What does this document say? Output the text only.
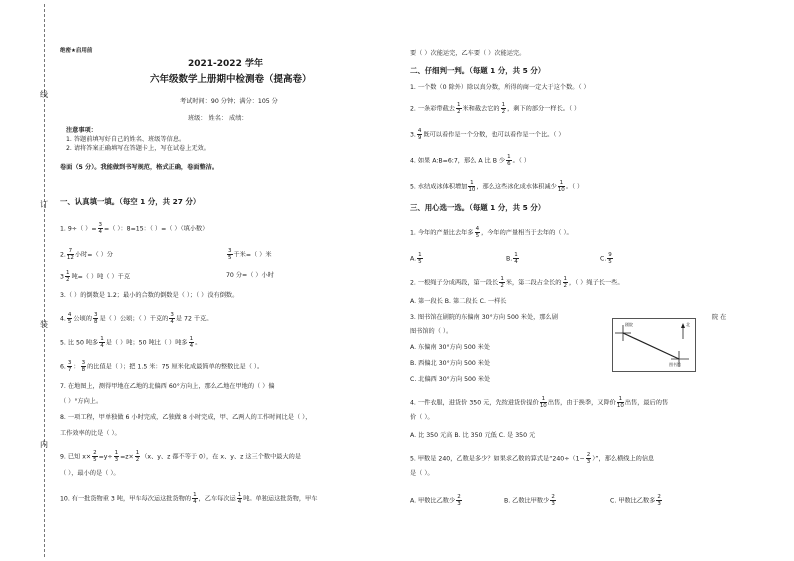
线
订
装
内
绝密★启用前
2021-2022 学年
六年级数学上册期中检测卷（提高卷）
考试时间：90 分钟；满分：105 分
班级： 姓名： 成绩：
注意事项：
1. 答题前填写好自己的姓名、班级等信息。
2. 请将答案正确填写在答题卡上，写在试卷上无效。
卷面（5 分）。我能做到书写规范，格式正确，卷面整洁。
一、认真填一填。（每空 1 分，共 27 分）
1. 9÷（ ）= $\frac{3}{4}$ =（ ）：8=15：（ ）=（ ）（填小数）
2. $\frac{7}{12}$ 小时=（ ）分	$\frac{3}{5}$ 千米=（ ）米
$3 \frac{1}{2}$ 吨=（ ）吨（ ）千克	70 分=（ ）小时
3.（ ）的倒数是 1.2；最小的合数的倒数是（ ）；（ ）没有倒数。
4. $\frac{4}{5}$ 公顷的 $\frac{3}{8}$ 是（ ）公顷；（ ）千克的 $\frac{3}{4}$ 是 72 千克。
5. 比 50 吨多 $\frac{1}{4}$ 是（ ）吨；50 吨比（ ）吨多 $\frac{1}{4}$ 。
6. $\frac{3}{7}$ ： $\frac{3}{8}$ 的比值是（ ）；把 1.5 米：75 厘米化成最简单的整数比是（ ）。
7. 在地图上，测得甲地在乙地的北偏西 60°方向上，那么乙地在甲地的（ ）偏
（ ）°方向上。
8. 一项工程，甲单独做 6 小时完成，乙独做 8 小时完成，甲、乙两人的工作时间比是（ ），
工作效率的比是（ ）。
9. 已知 $x\times \frac{2}{5} =y\div \frac{1}{3} =z\times \frac{1}{2} (x$、y、z 都不等于 0），在 x、y、z 这三个数中最大的是
（ ），最小的是（ ）。
10. 有一批货物重 3 吨，甲车每次运这批货物的 $\frac{1}{4}$ ，乙车每次运 $\frac{1}{4}$ 吨。单独运这批货物，甲车
要（ ）次能运完，乙车要（ ）次能运完。
二、仔细判一判。（每题 1 分，共 5 分）
1. 一个数（0 除外）除以真分数，所得的商一定大于这个数。（ ）
2. 一条彩带截去 $\frac{1}{2}$ 米和截去它的 $\frac{1}{2}$ ，剩下的部分一样长。（ ）
3. $\frac{4}{9}$ 既可以看作是一个分数，也可以看作是一个比。（ ）
4. 如果 A:B=6:7，那么 A 比 B 少 $\frac{1}{6}$ 。（ ）
5. 水结成冰体积增加 $\frac{1}{10}$ ，那么这些冰化成水体积减少 $\frac{1}{10}$ 。（ ）
三、用心选一选。（每题 1 分，共 5 分）
1. 今年的产量比去年多 $\frac{4}{5}$ ，今年的产量相当于去年的（ ）。
A. $\frac{1}{5}$	B. $\frac{1}{4}$	C. $\frac{9}{5}$
2. 一根绳子分成两段，第一段长 $\frac{1}{2}$ 米，第二段占全长的 $\frac{1}{2}$ ，（ ）绳子长一些。
A. 第一段长 B. 第二段长 C. 一样长
3. 图书馆在剧院的东偏南 30°方向 500 米处，那么剧	院 在
图书馆的（ ）。
A. 东偏南 30°方向 500 米处
B. 西偏北 30°方向 500 米处
C. 北偏西 30°方向 500 米处
4. 一件衣服，进货价 350 元，先按进货价提价 $\frac{1}{10}$ 出售，由于换季，又降价 $\frac{1}{10}$ 出售，最后的售
价（ ）。
A. 比 350 元高 B. 比 350 元低 C. 是 350 元
5. 甲数是 240，乙数是多少？如果求乙数的算式是“$240\div(1- \frac{2}{3}$ ）”，那么横线上的信息
是（ ）。
A. 甲数比乙数少 $\frac{2}{3}$	B. 乙数比甲数少 $\frac{2}{3}$	C. 甲数比乙数多 $\frac{2}{3}$
剧院
图书馆
北
